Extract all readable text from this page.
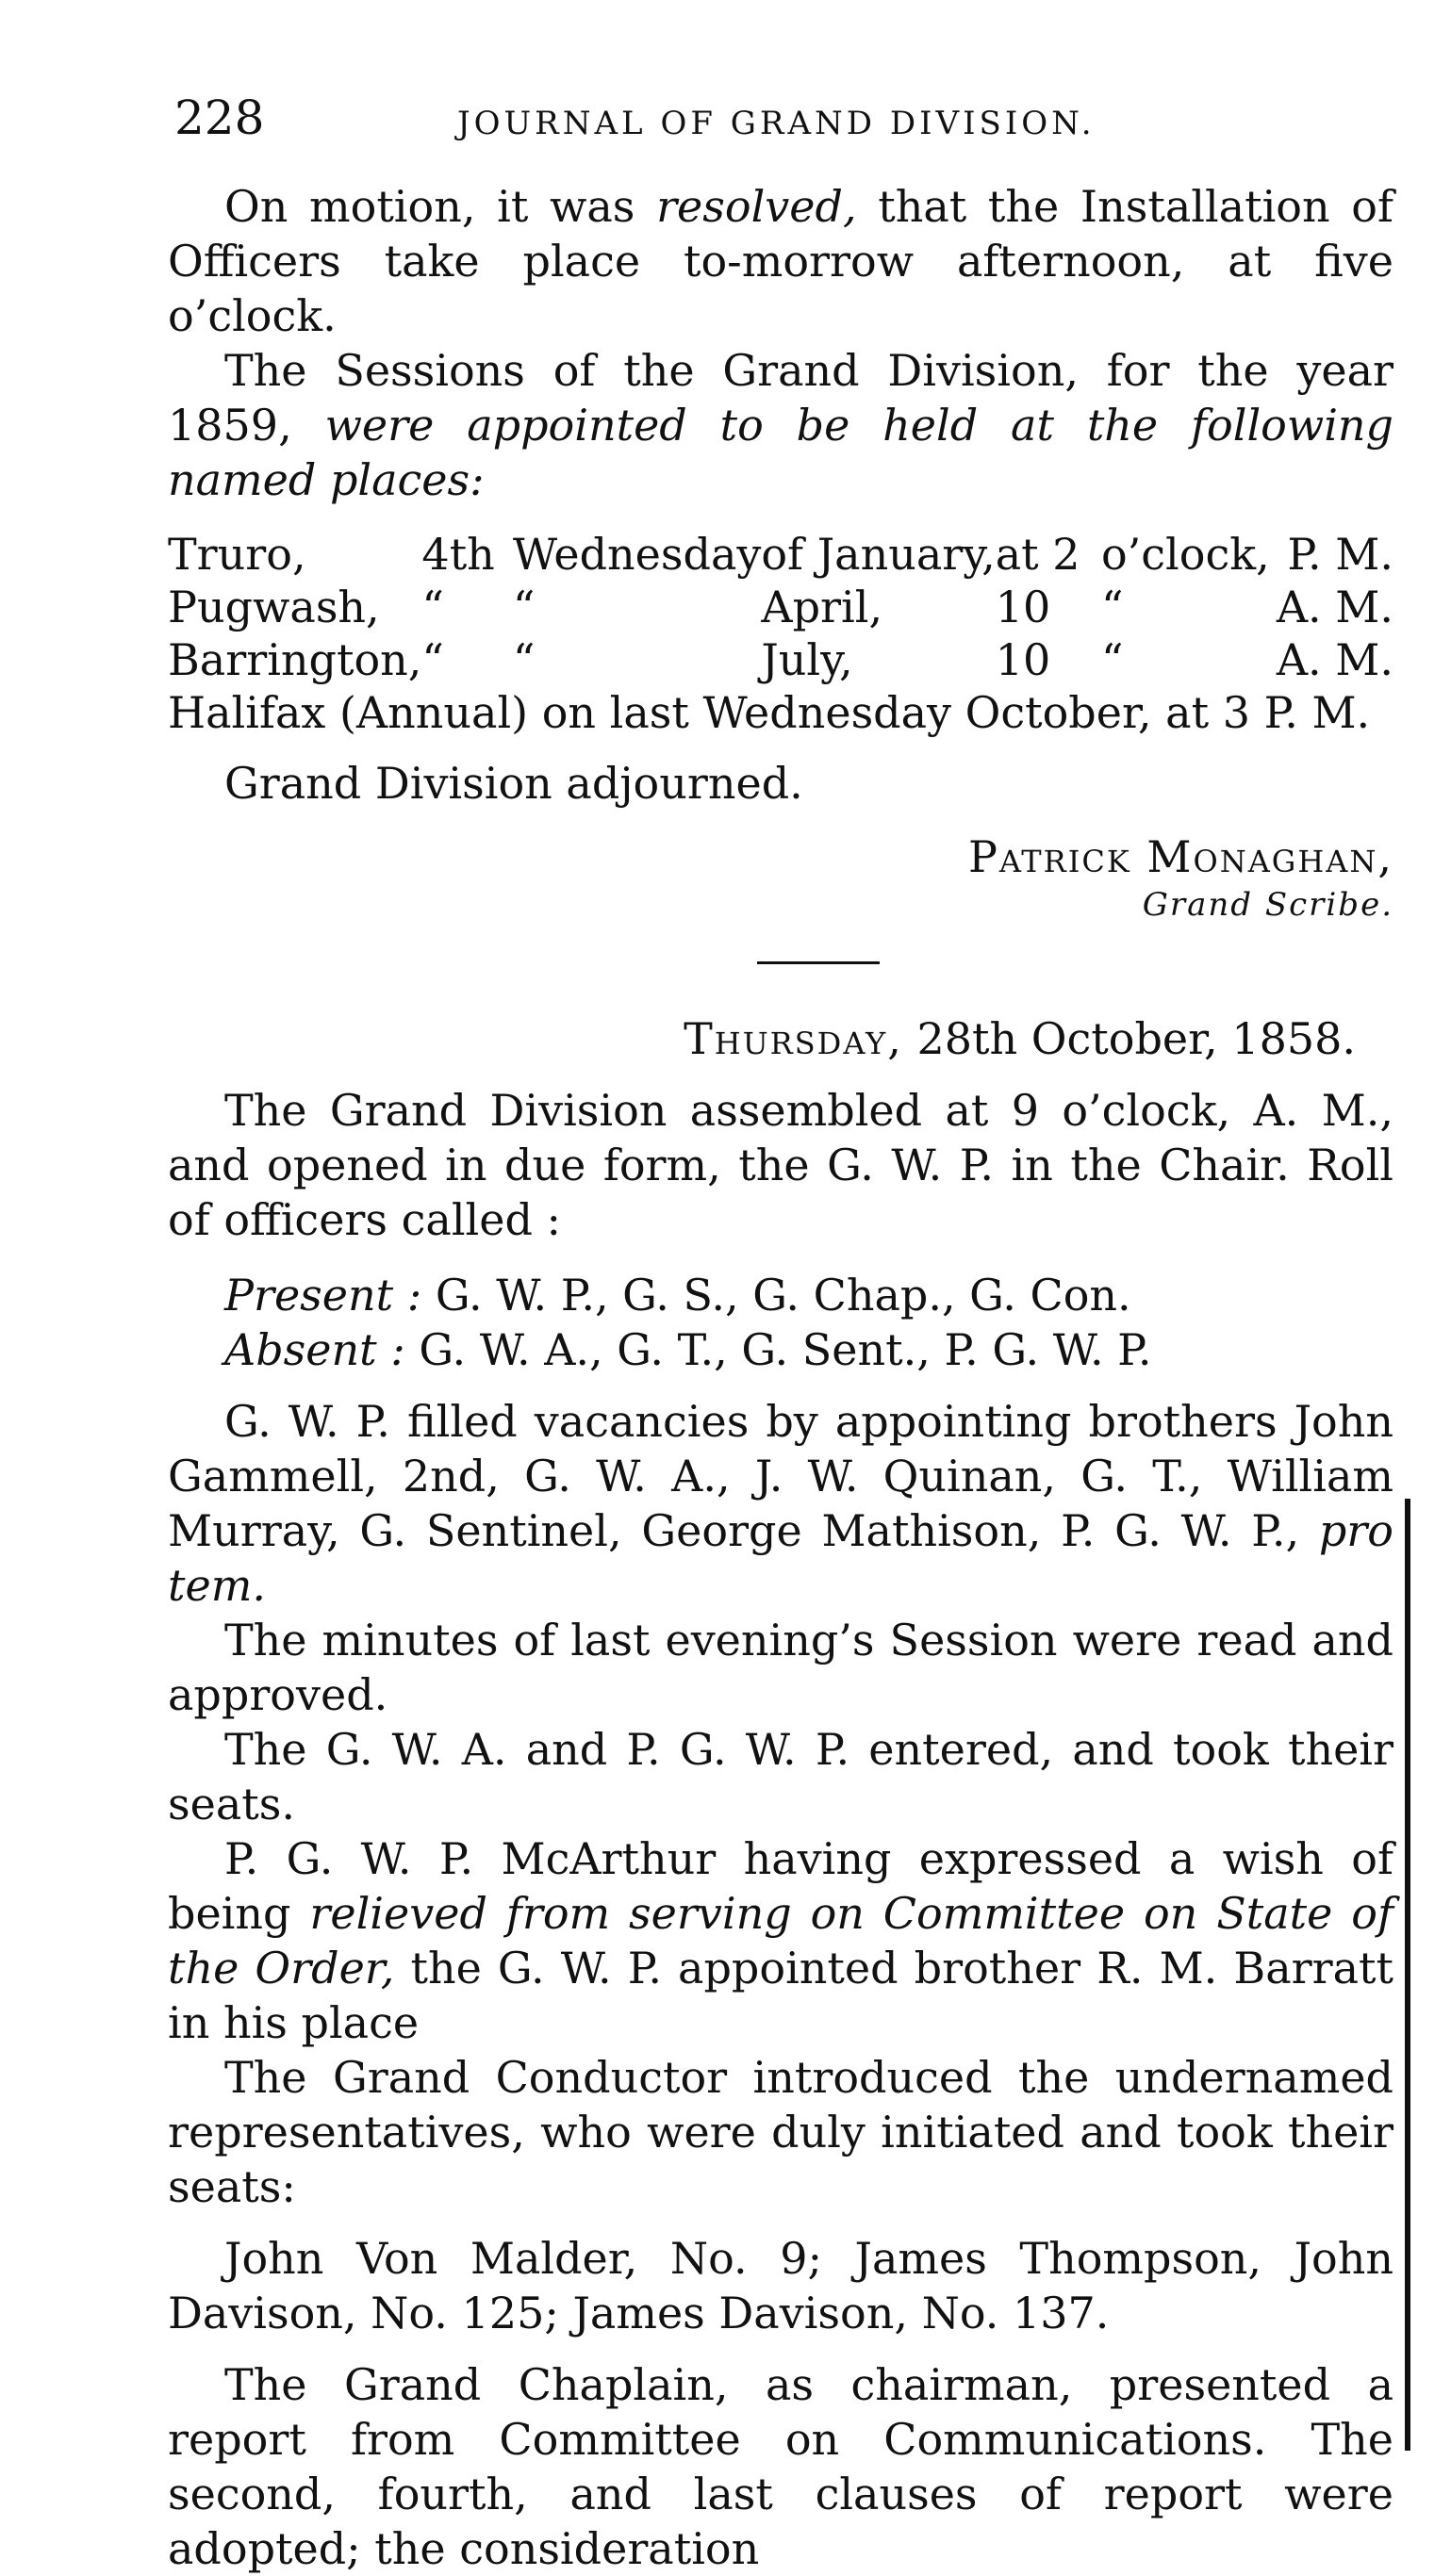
228	JOURNAL OF GRAND DIVISION.

On motion, it was resolved, that the Installation of Officers take place to-morrow afternoon, at five o’clock.

The Sessions of the Grand Division, for the year 1859, were appointed to be held at the following named places:

Truro,	4th	Wednesday	of January,	at 2	o’clock,	P. M.
Pugwash,	“	“	April,	10	“	A. M.
Barrington,	“	“	July,	10	“	A. M.
Halifax (Annual) on last Wednesday October, at 3 P. M.						

Grand Division adjourned.

Patrick Monaghan,
Grand Scribe.
Thursday, 28th October, 1858.

The Grand Division assembled at 9 o’clock, A. M., and opened in due form, the G. W. P. in the Chair. Roll of officers called :

Present : G. W. P., G. S., G. Chap., G. Con.
Absent : G. W. A., G. T., G. Sent., P. G. W. P.

G. W. P. filled vacancies by appointing brothers John Gammell, 2nd, G. W. A., J. W. Quinan, G. T., William Murray, G. Sentinel, George Mathison, P. G. W. P., pro tem.

The minutes of last evening’s Session were read and approved.

The G. W. A. and P. G. W. P. entered, and took their seats.

P. G. W. P. McArthur having expressed a wish of being relieved from serving on Committee on State of the Order, the G. W. P. appointed brother R. M. Barratt in his place

The Grand Conductor introduced the undernamed representatives, who were duly initiated and took their seats:

John Von Malder, No. 9; James Thompson, John Davison, No. 125; James Davison, No. 137.

The Grand Chaplain, as chairman, presented a report from Committee on Communications. The second, fourth, and last clauses of report were adopted; the consideration
